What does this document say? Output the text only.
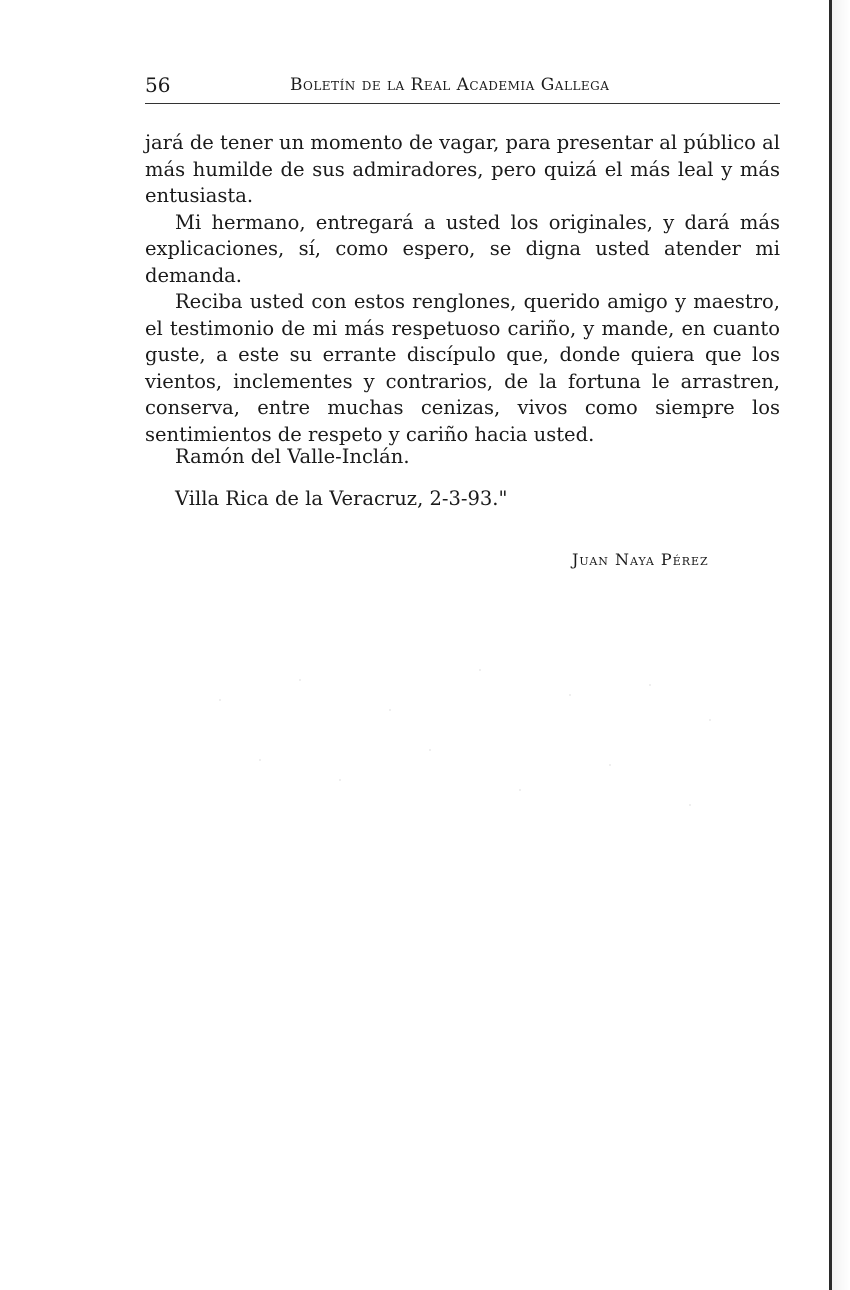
56	Boletín de la Real Academia Gallega

jará de tener un momento de vagar, para presentar al público al más humilde de sus admiradores, pero quizá el más leal y más entusiasta.

Mi hermano, entregará a usted los originales, y dará más explicaciones, sí, como espero, se digna usted atender mi demanda.

Reciba usted con estos renglones, querido amigo y maestro, el testimonio de mi más respetuoso cariño, y mande, en cuanto guste, a este su errante discípulo que, donde quiera que los vientos, inclementes y contrarios, de la fortuna le arrastren, conserva, entre muchas cenizas, vivos como siempre los sentimientos de respeto y cariño hacia usted.

Ramón del Valle-Inclán.
Villa Rica de la Veracruz, 2-3-93."
Juan Naya Pérez
